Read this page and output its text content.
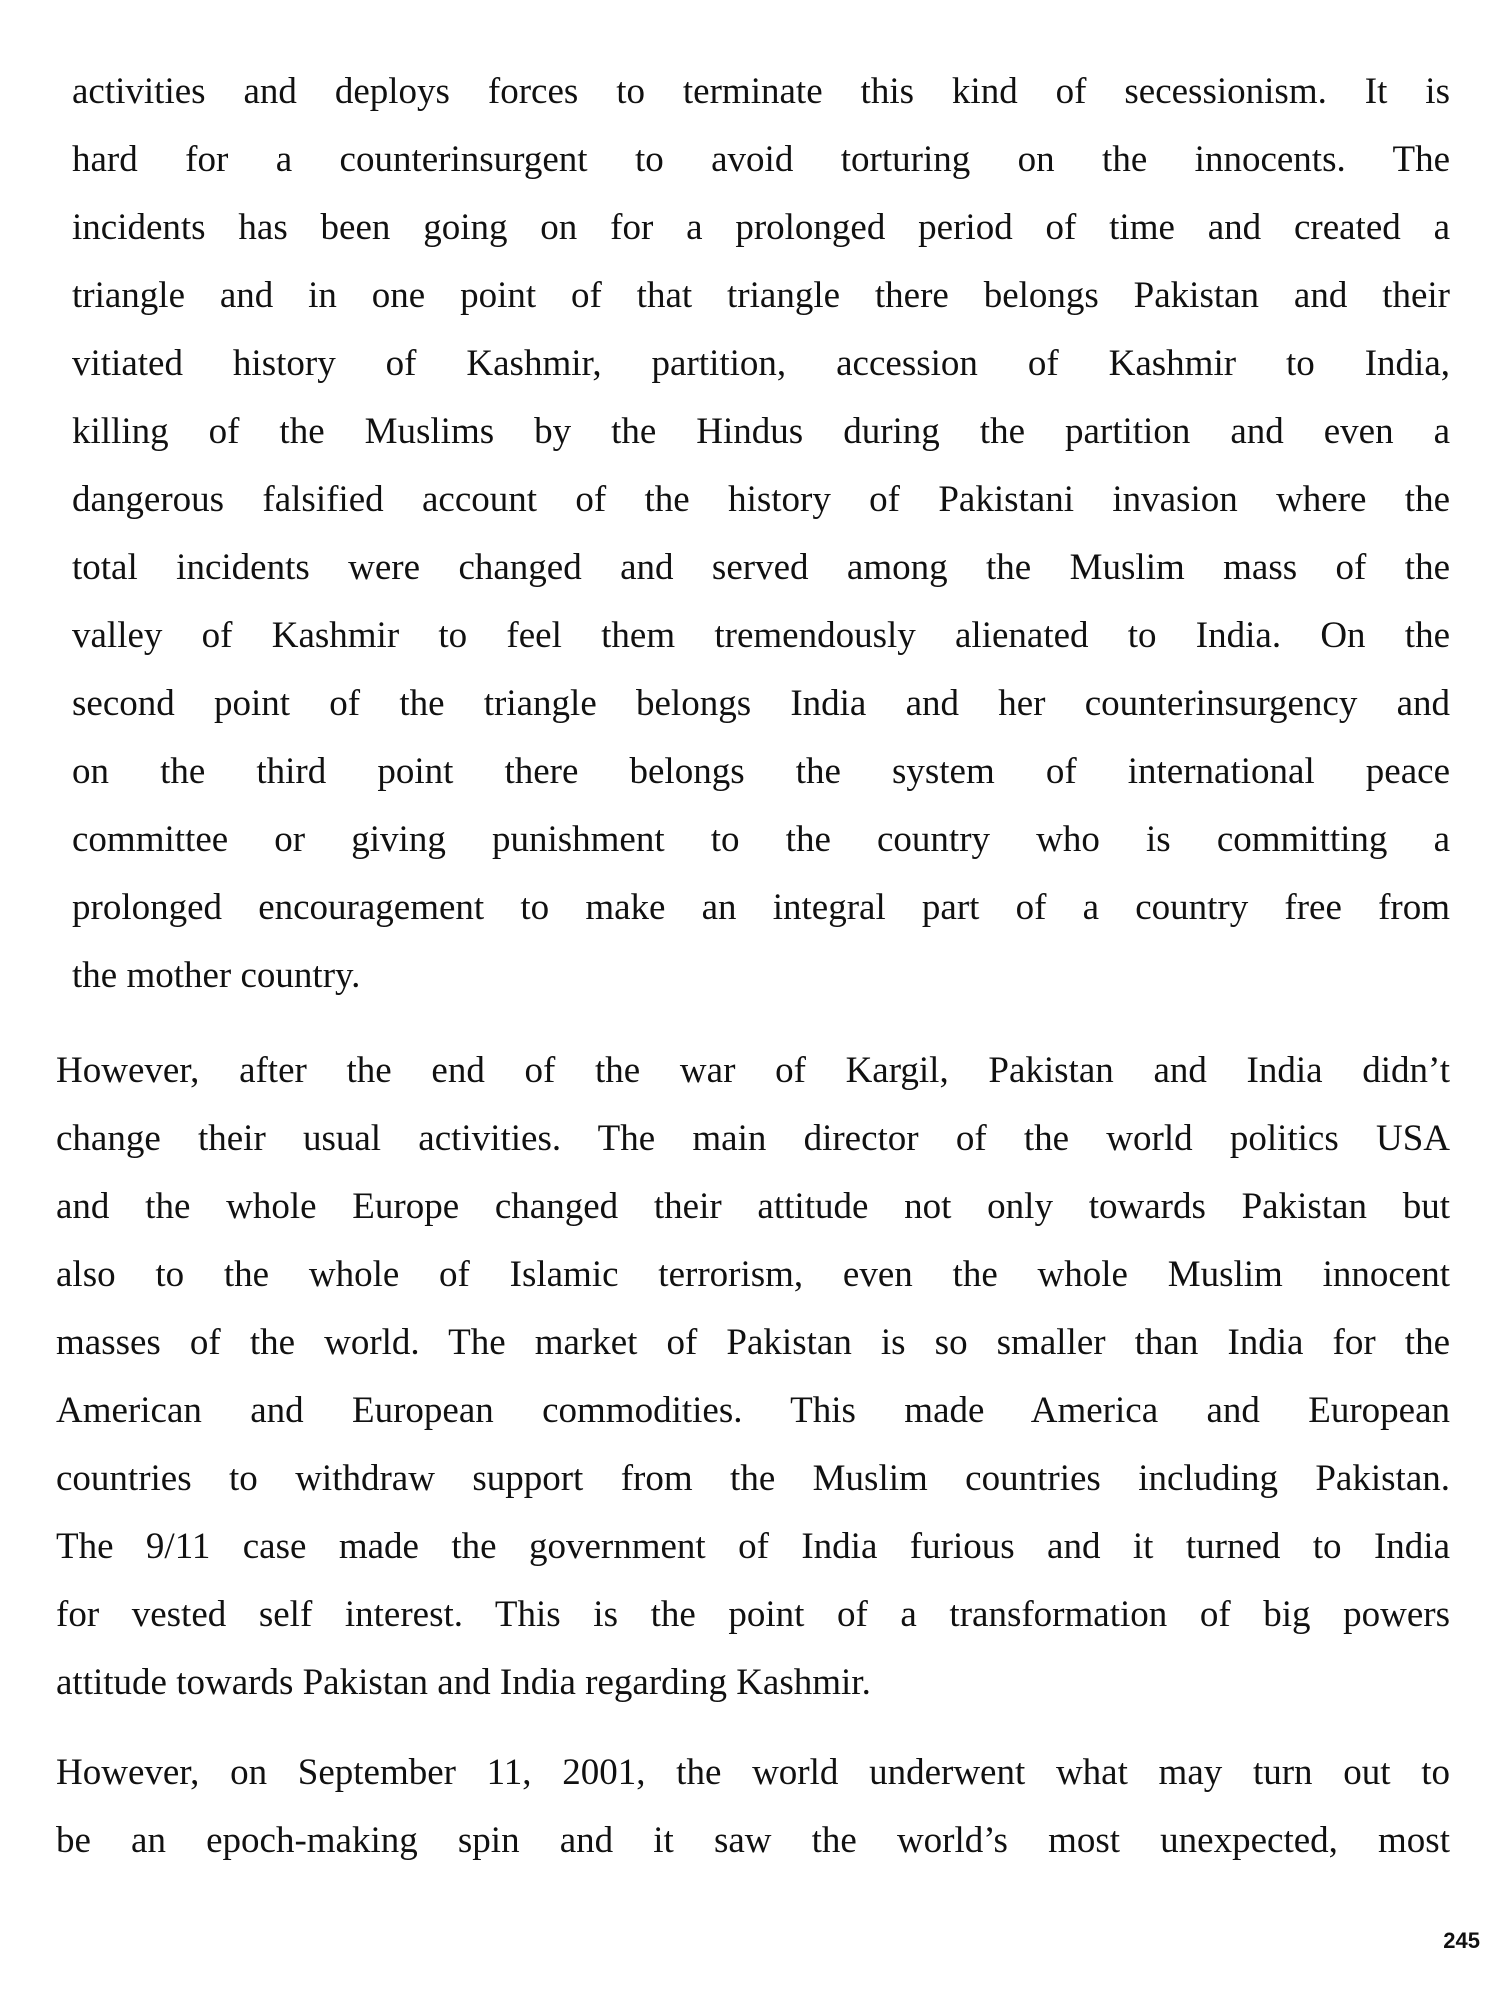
activities and deploys forces to terminate this kind of secessionism. It is
hard for a counterinsurgent to avoid torturing on the innocents. The
incidents has been going on for a prolonged period of time and created a
triangle and in one point of that triangle there belongs Pakistan and their
vitiated history of Kashmir, partition, accession of Kashmir to India,
killing of the Muslims by the Hindus during the partition and even a
dangerous falsified account of the history of Pakistani invasion where the
total incidents were changed and served among the Muslim mass of the
valley of Kashmir to feel them tremendously alienated to India. On the
second point of the triangle belongs India and her counterinsurgency and
on the third point there belongs the system of international peace
committee or giving punishment to the country who is committing a
prolonged encouragement to make an integral part of a country free from
the mother country.
However, after the end of the war of Kargil, Pakistan and India didn’t
change their usual activities. The main director of the world politics USA
and the whole Europe changed their attitude not only towards Pakistan but
also to the whole of Islamic terrorism, even the whole Muslim innocent
masses of the world. The market of Pakistan is so smaller than India for the
American and European commodities. This made America and European
countries to withdraw support from the Muslim countries including Pakistan.
The 9/11 case made the government of India furious and it turned to India
for vested self interest. This is the point of a transformation of big powers
attitude towards Pakistan and India regarding Kashmir.
However, on September 11, 2001, the world underwent what may turn out to
be an epoch-making spin and it saw the world’s most unexpected, most
245
